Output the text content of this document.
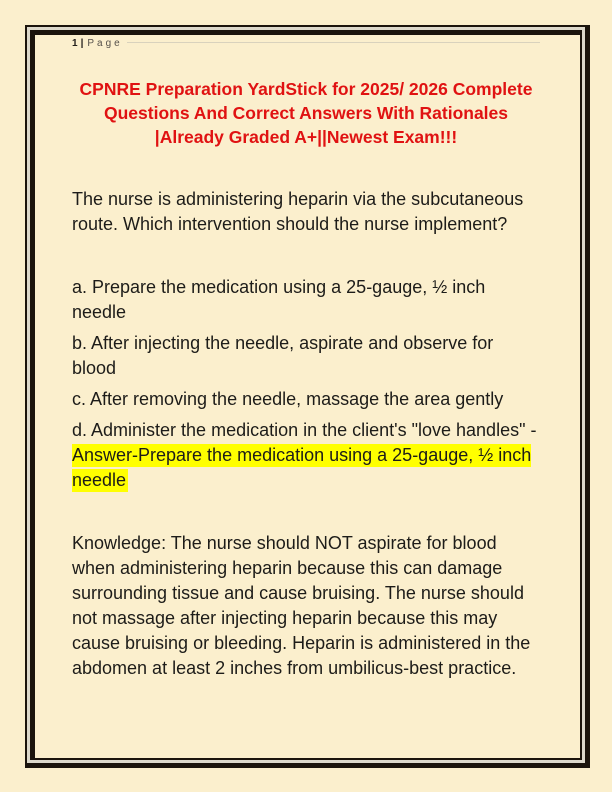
1 | Page
CPNRE Preparation YardStick for 2025/ 2026 Complete Questions And Correct Answers With Rationales |Already Graded A+||Newest Exam!!!

The nurse is administering heparin via the subcutaneous route. Which intervention should the nurse implement?

a. Prepare the medication using a 25-gauge, ½ inch needle

b. After injecting the needle, aspirate and observe for blood

c. After removing the needle, massage the area gently

d. Administer the medication in the client's "love handles" -Answer-Prepare the medication using a 25-gauge, ½ inch needle

Knowledge: The nurse should NOT aspirate for blood when administering heparin because this can damage surrounding tissue and cause bruising. The nurse should not massage after injecting heparin because this may cause bruising or bleeding. Heparin is administered in the abdomen at least 2 inches from umbilicus-best practice.
